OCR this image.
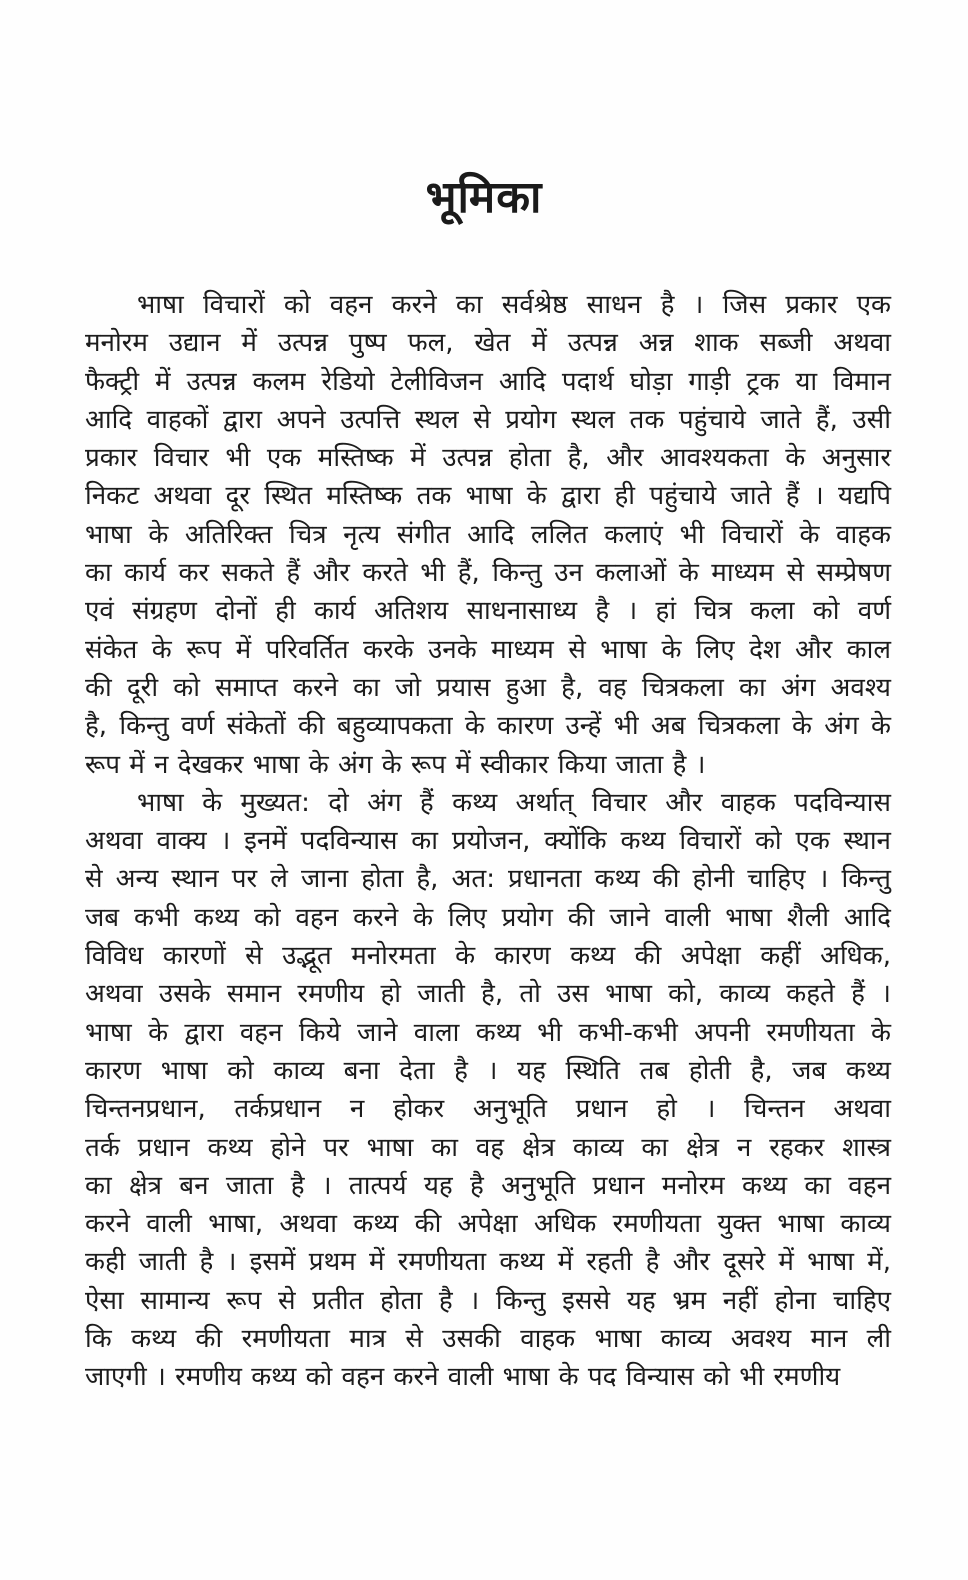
भूमिका
भाषा विचारों को वहन करने का सर्वश्रेष्ठ साधन है । जिस प्रकार एक
मनोरम उद्यान में उत्पन्न पुष्प फल, खेत में उत्पन्न अन्न शाक सब्जी अथवा
फैक्ट्री में उत्पन्न कलम रेडियो टेलीविजन आदि पदार्थ घोड़ा गाड़ी ट्रक या विमान
आदि वाहकों द्वारा अपने उत्पत्ति स्थल से प्रयोग स्थल तक पहुंचाये जाते हैं, उसी
प्रकार विचार भी एक मस्तिष्क में उत्पन्न होता है, और आवश्यकता के अनुसार
निकट अथवा दूर स्थित मस्तिष्क तक भाषा के द्वारा ही पहुंचाये जाते हैं । यद्यपि
भाषा के अतिरिक्त चित्र नृत्य संगीत आदि ललित कलाएं भी विचारों के वाहक
का कार्य कर सकते हैं और करते भी हैं, किन्तु उन कलाओं के माध्यम से सम्प्रेषण
एवं संग्रहण दोनों ही कार्य अतिशय साधनासाध्य है । हां चित्र कला को वर्ण
संकेत के रूप में परिवर्तित करके उनके माध्यम से भाषा के लिए देश और काल
की दूरी को समाप्त करने का जो प्रयास हुआ है, वह चित्रकला का अंग अवश्य
है, किन्तु वर्ण संकेतों की बहुव्यापकता के कारण उन्हें भी अब चित्रकला के अंग के
रूप में न देखकर भाषा के अंग के रूप में स्वीकार किया जाता है ।
भाषा के मुख्यत: दो अंग हैं कथ्य अर्थात् विचार और वाहक पदविन्यास
अथवा वाक्य । इनमें पदविन्यास का प्रयोजन, क्योंकि कथ्य विचारों को एक स्थान
से अन्य स्थान पर ले जाना होता है, अत: प्रधानता कथ्य की होनी चाहिए । किन्तु
जब कभी कथ्य को वहन करने के लिए प्रयोग की जाने वाली भाषा शैली आदि
विविध कारणों से उद्भूत मनोरमता के कारण कथ्य की अपेक्षा कहीं अधिक,
अथवा उसके समान रमणीय हो जाती है, तो उस भाषा को, काव्य कहते हैं ।
भाषा के द्वारा वहन किये जाने वाला कथ्य भी कभी-कभी अपनी रमणीयता के
कारण भाषा को काव्य बना देता है । यह स्थिति तब होती है, जब कथ्य
चिन्तनप्रधान, तर्कप्रधान न होकर अनुभूति प्रधान हो । चिन्तन अथवा
तर्क प्रधान कथ्य होने पर भाषा का वह क्षेत्र काव्य का क्षेत्र न रहकर शास्त्र
का क्षेत्र बन जाता है । तात्पर्य यह है अनुभूति प्रधान मनोरम कथ्य का वहन
करने वाली भाषा, अथवा कथ्य की अपेक्षा अधिक रमणीयता युक्त भाषा काव्य
कही जाती है । इसमें प्रथम में रमणीयता कथ्य में रहती है और दूसरे में भाषा में,
ऐसा सामान्य रूप से प्रतीत होता है । किन्तु इससे यह भ्रम नहीं होना चाहिए
कि कथ्य की रमणीयता मात्र से उसकी वाहक भाषा काव्य अवश्य मान ली
जाएगी । रमणीय कथ्य को वहन करने वाली भाषा के पद विन्यास को भी रमणीय
